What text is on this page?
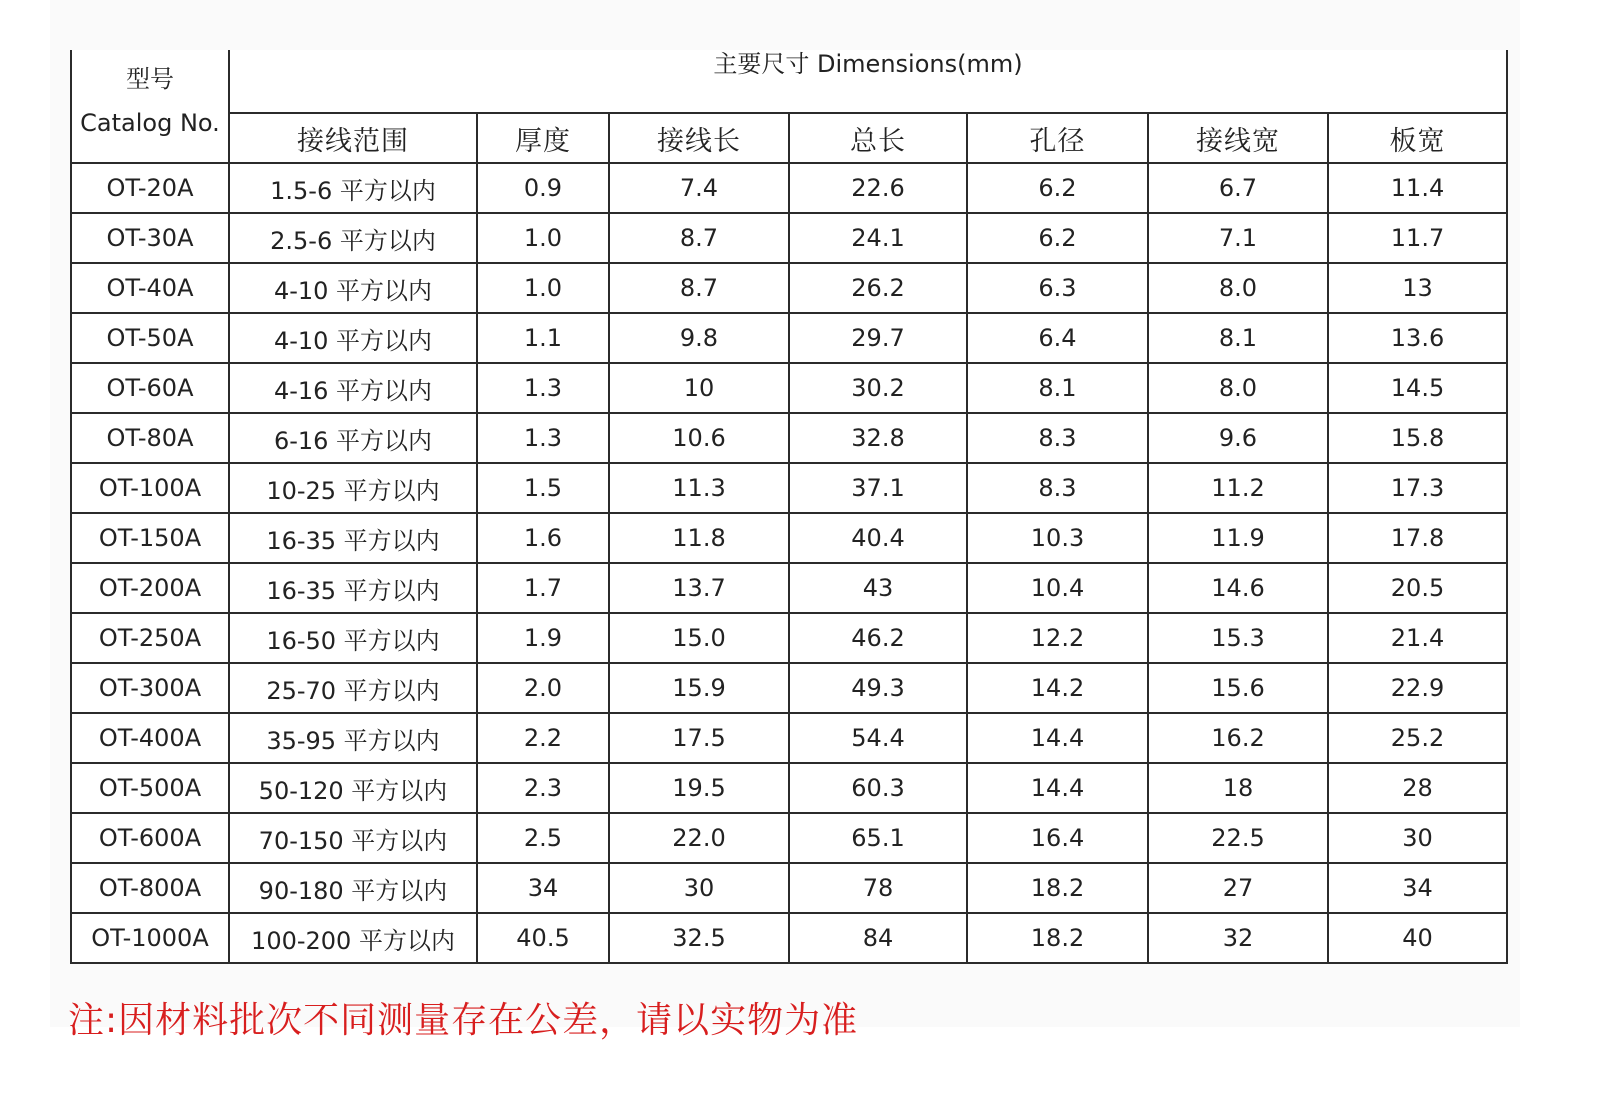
型号
Catalog No.	主要尺寸 Dimensions(mm)						
	接线范围	厚度	接线长	总长	孔径	接线宽	板宽
OT-20A	1.5-6 平方以内	0.9	7.4	22.6	6.2	6.7	11.4
OT-30A	2.5-6 平方以内	1.0	8.7	24.1	6.2	7.1	11.7
OT-40A	4-10 平方以内	1.0	8.7	26.2	6.3	8.0	13
OT-50A	4-10 平方以内	1.1	9.8	29.7	6.4	8.1	13.6
OT-60A	4-16 平方以内	1.3	10	30.2	8.1	8.0	14.5
OT-80A	6-16 平方以内	1.3	10.6	32.8	8.3	9.6	15.8
OT-100A	10-25 平方以内	1.5	11.3	37.1	8.3	11.2	17.3
OT-150A	16-35 平方以内	1.6	11.8	40.4	10.3	11.9	17.8
OT-200A	16-35 平方以内	1.7	13.7	43	10.4	14.6	20.5
OT-250A	16-50 平方以内	1.9	15.0	46.2	12.2	15.3	21.4
OT-300A	25-70 平方以内	2.0	15.9	49.3	14.2	15.6	22.9
OT-400A	35-95 平方以内	2.2	17.5	54.4	14.4	16.2	25.2
OT-500A	50-120 平方以内	2.3	19.5	60.3	14.4	18	28
OT-600A	70-150 平方以内	2.5	22.0	65.1	16.4	22.5	30
OT-800A	90-180 平方以内	34	30	78	18.2	27	34
OT-1000A	100-200 平方以内	40.5	32.5	84	18.2	32	40
注:因材料批次不同测量存在公差，请以实物为准
